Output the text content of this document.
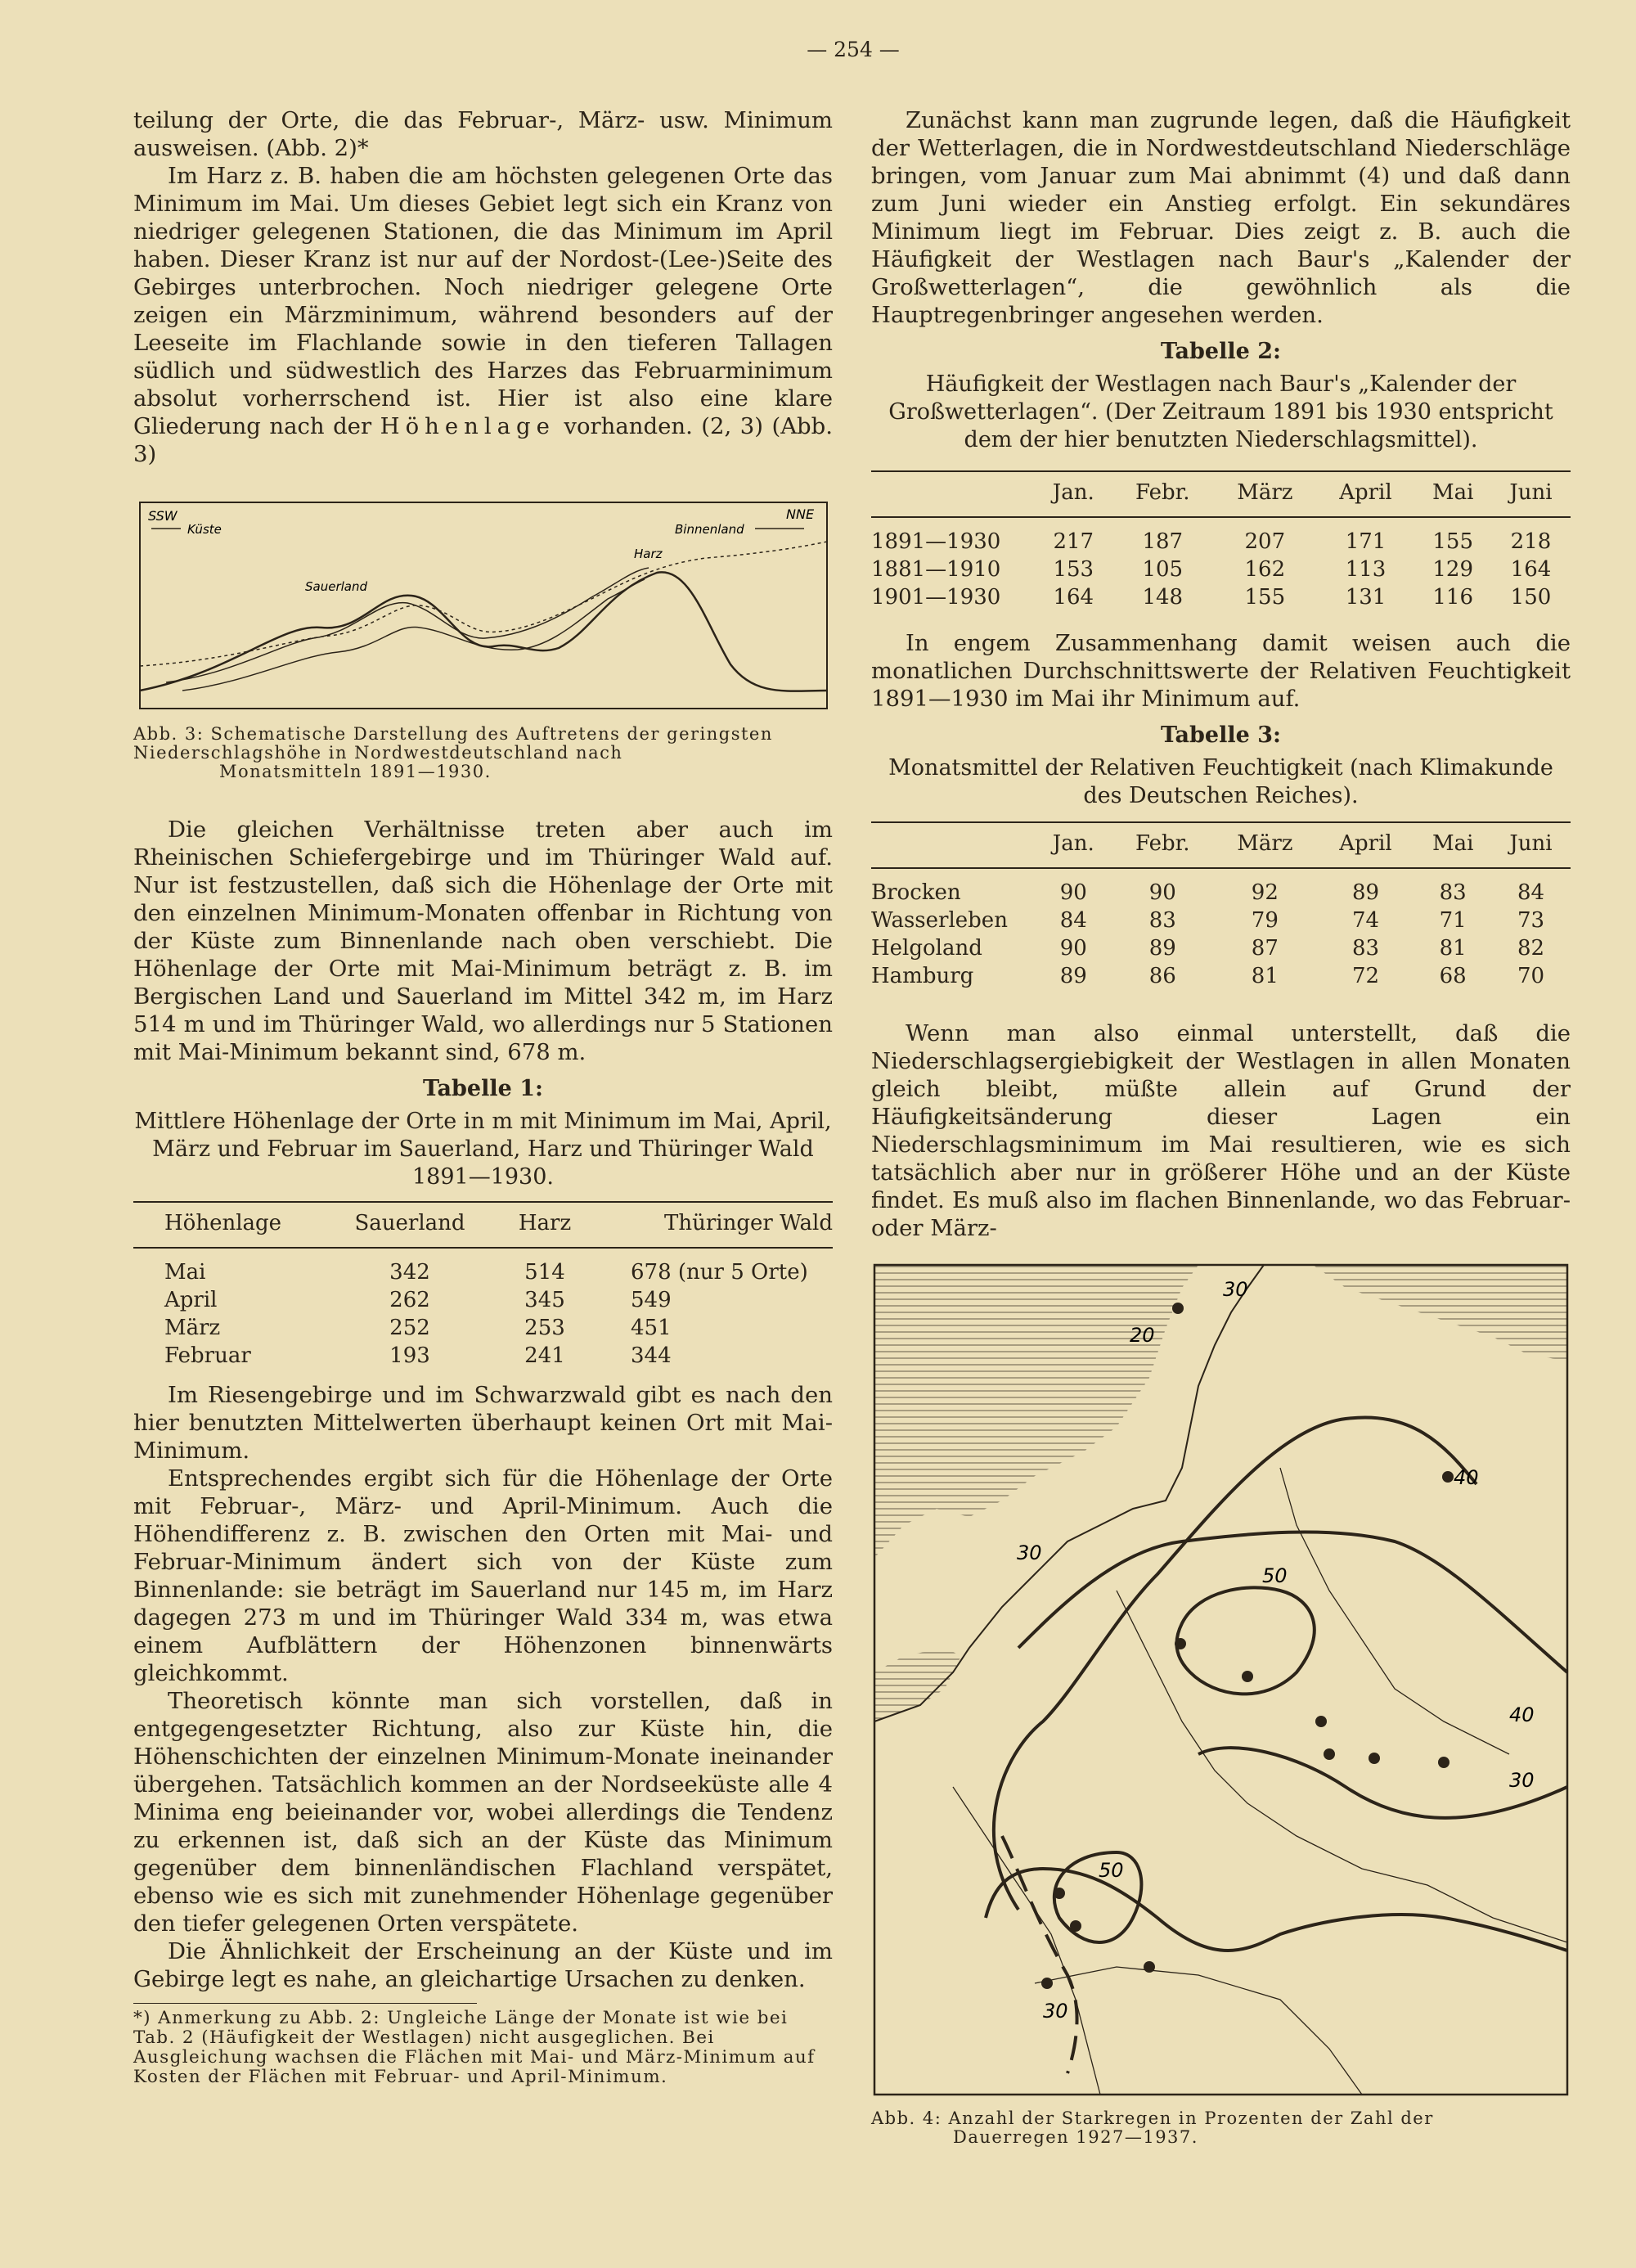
— 254 —

teilung der Orte, die das Februar-, März- usw. Minimum ausweisen. (Abb. 2)*

Im Harz z. B. haben die am höchsten gelegenen Orte das Minimum im Mai. Um dieses Gebiet legt sich ein Kranz von niedriger gelegenen Stationen, die das Minimum im April haben. Dieser Kranz ist nur auf der Nordost-(Lee-)Seite des Gebirges unterbrochen. Noch niedriger gelegene Orte zeigen ein Märzminimum, während besonders auf der Leeseite im Flachlande sowie in den tieferen Tallagen südlich und südwestlich des Harzes das Februarminimum absolut vorherrschend ist. Hier ist also eine klare Gliederung nach der Höhenlage vorhanden. (2, 3) (Abb. 3)

SSW	NNE
Küste	Binnenland
Sauerland
Harz
Abb. 3: Schematische Darstellung des Auftretens der geringsten Niederschlagshöhe in Nordwestdeutschland nach
Monatsmitteln 1891—1930.

Die gleichen Verhältnisse treten aber auch im Rheinischen Schiefergebirge und im Thüringer Wald auf. Nur ist festzustellen, daß sich die Höhenlage der Orte mit den einzelnen Minimum-Monaten offenbar in Richtung von der Küste zum Binnenlande nach oben verschiebt. Die Höhenlage der Orte mit Mai-Minimum beträgt z. B. im Bergischen Land und Sauerland im Mittel 342 m, im Harz 514 m und im Thüringer Wald, wo allerdings nur 5 Stationen mit Mai-Minimum bekannt sind, 678 m.

Tabelle 1:
Mittlere Höhenlage der Orte in m mit Minimum im Mai, April, März und Februar im Sauerland, Harz und Thüringer Wald 1891—1930.
Höhenlage	Sauerland	Harz	Thüringer Wald
Mai	342	514	678 (nur 5 Orte)
April	262	345	549
März	252	253	451
Februar	193	241	344

Im Riesengebirge und im Schwarzwald gibt es nach den hier benutzten Mittelwerten überhaupt keinen Ort mit Mai-Minimum.

Entsprechendes ergibt sich für die Höhenlage der Orte mit Februar-, März- und April-Minimum. Auch die Höhendifferenz z. B. zwischen den Orten mit Mai- und Februar-Minimum ändert sich von der Küste zum Binnenlande: sie beträgt im Sauerland nur 145 m, im Harz dagegen 273 m und im Thüringer Wald 334 m, was etwa einem Aufblättern der Höhenzonen binnenwärts gleichkommt.

Theoretisch könnte man sich vorstellen, daß in entgegengesetzter Richtung, also zur Küste hin, die Höhenschichten der einzelnen Minimum-Monate ineinander übergehen. Tatsächlich kommen an der Nordseeküste alle 4 Minima eng beieinander vor, wobei allerdings die Tendenz zu erkennen ist, daß sich an der Küste das Minimum gegenüber dem binnenländischen Flachland verspätet, ebenso wie es sich mit zunehmender Höhenlage gegenüber den tiefer gelegenen Orten verspätete.

Die Ähnlichkeit der Erscheinung an der Küste und im Gebirge legt es nahe, an gleichartige Ursachen zu denken.

*) Anmerkung zu Abb. 2: Ungleiche Länge der Monate ist wie bei Tab. 2 (Häufigkeit der Westlagen) nicht ausgeglichen. Bei Ausgleichung wachsen die Flächen mit Mai- und März-Minimum auf Kosten der Flächen mit Februar- und April-Minimum.

Zunächst kann man zugrunde legen, daß die Häufigkeit der Wetterlagen, die in Nordwestdeutschland Niederschläge bringen, vom Januar zum Mai abnimmt (4) und daß dann zum Juni wieder ein Anstieg erfolgt. Ein sekundäres Minimum liegt im Februar. Dies zeigt z. B. auch die Häufigkeit der Westlagen nach Baur's „Kalender der Großwetterlagen“, die gewöhnlich als die Hauptregenbringer angesehen werden.

Tabelle 2:
Häufigkeit der Westlagen nach Baur's „Kalender der Großwetterlagen“. (Der Zeitraum 1891 bis 1930 entspricht dem der hier benutzten Niederschlagsmittel).
	Jan.	Febr.	März	April	Mai	Juni
1891—1930	217	187	207	171	155	218
1881—1910	153	105	162	113	129	164
1901—1930	164	148	155	131	116	150

In engem Zusammenhang damit weisen auch die monatlichen Durchschnittswerte der Relativen Feuchtigkeit 1891—1930 im Mai ihr Minimum auf.

Tabelle 3:
Monatsmittel der Relativen Feuchtigkeit (nach Klimakunde des Deutschen Reiches).
	Jan.	Febr.	März	April	Mai	Juni
Brocken	90	90	92	89	83	84
Wasserleben	84	83	79	74	71	73
Helgoland	90	89	87	83	81	82
Hamburg	89	86	81	72	68	70

Wenn man also einmal unterstellt, daß die Niederschlagsergiebigkeit der Westlagen in allen Monaten gleich bleibt, müßte allein auf Grund der Häufigkeitsänderung dieser Lagen ein Niederschlagsminimum im Mai resultieren, wie es sich tatsächlich aber nur in größerer Höhe und an der Küste findet. Es muß also im flachen Binnenlande, wo das Februar- oder März-

30
20
40
30
50
40
30
50
30
Abb. 4: Anzahl der Starkregen in Prozenten der Zahl der
Dauerregen 1927—1937.
